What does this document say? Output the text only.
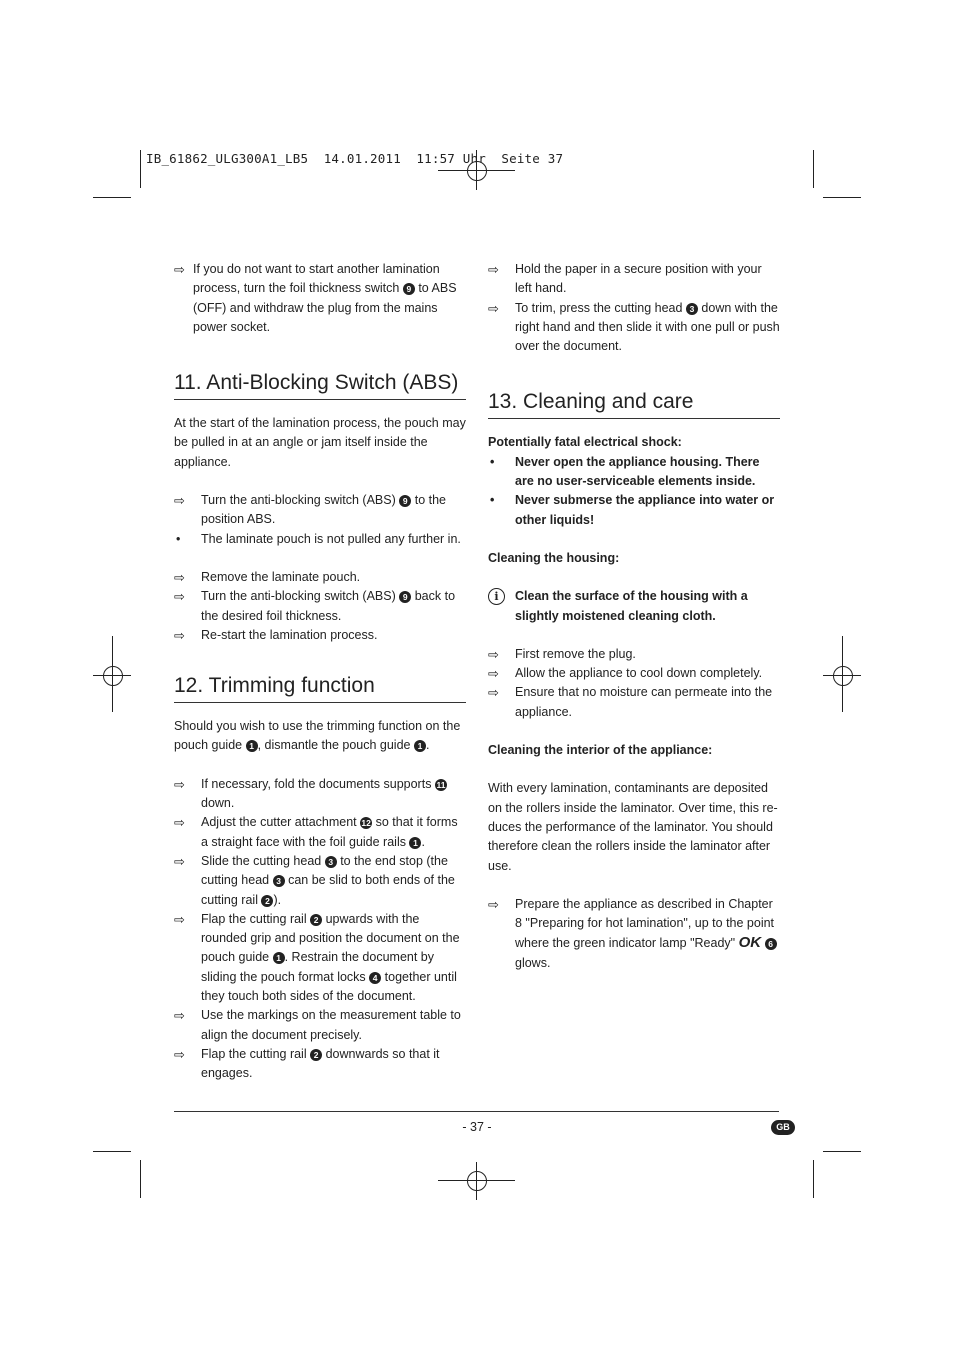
IB_61862_ULG300A1_LB5  14.01.2011  11:57 Uhr  Seite 37

⇨ If you do not want to start another lamination process, turn the foil thickness switch 9 to ABS (OFF) and withdraw the plug from the mains power socket.

11. Anti-Blocking Switch (ABS)

At the start of the lamination process, the pouch may be pulled in at an angle or jam itself inside the appliance.

⇨ Turn the anti-blocking switch (ABS) 9 to the position ABS.

• The laminate pouch is not pulled any further in.

⇨ Remove the laminate pouch.

⇨ Turn the anti-blocking switch (ABS) 9 back to the desired foil thickness.

⇨ Re-start the lamination process.

12. Trimming function

Should you wish to use the trimming function on the pouch guide 1 , dismantle the pouch guide 1 .

⇨ If necessary, fold the documents supports 11 down.

⇨ Adjust the cutter attachment 12 so that it forms a straight face with the foil guide rails 1 .

⇨ Slide the cutting head 3 to the end stop (the cutting head 3 can be slid to both ends of the cutting rail 2 ).

⇨ Flap the cutting rail 2 upwards with the rounded grip and position the document on the pouch guide 1 . Restrain the document by sliding the pouch format locks 4 together until they touch both sides of the document.

⇨ Use the markings on the measurement table to align the document precisely.

⇨ Flap the cutting rail 2 downwards so that it engages.

⇨ Hold the paper in a secure position with your left hand.

⇨ To trim, press the cutting head 3 down with the right hand and then slide it with one pull or push over the document.

13. Cleaning and care

Potentially fatal electrical shock:

• Never open the appliance housing. There are no user-serviceable elements inside.

• Never submerse the appliance into water or other liquids!

Cleaning the housing:

i	Clean the surface of the housing with a slightly moistened cleaning cloth.

⇨ First remove the plug.

⇨ Allow the appliance to cool down completely.

⇨ Ensure that no moisture can permeate into the appliance.

Cleaning the interior of the appliance:

With every lamination, contaminants are deposited on the rollers inside the laminator. Over time, this re-duces the performance of the laminator. You should therefore clean the rollers inside the laminator after use.

⇨ Prepare the appliance as described in Chapter 8 "Preparing for hot lamination", up to the point where the green indicator lamp "Ready" OK 6 glows.

- 37 -	GB
